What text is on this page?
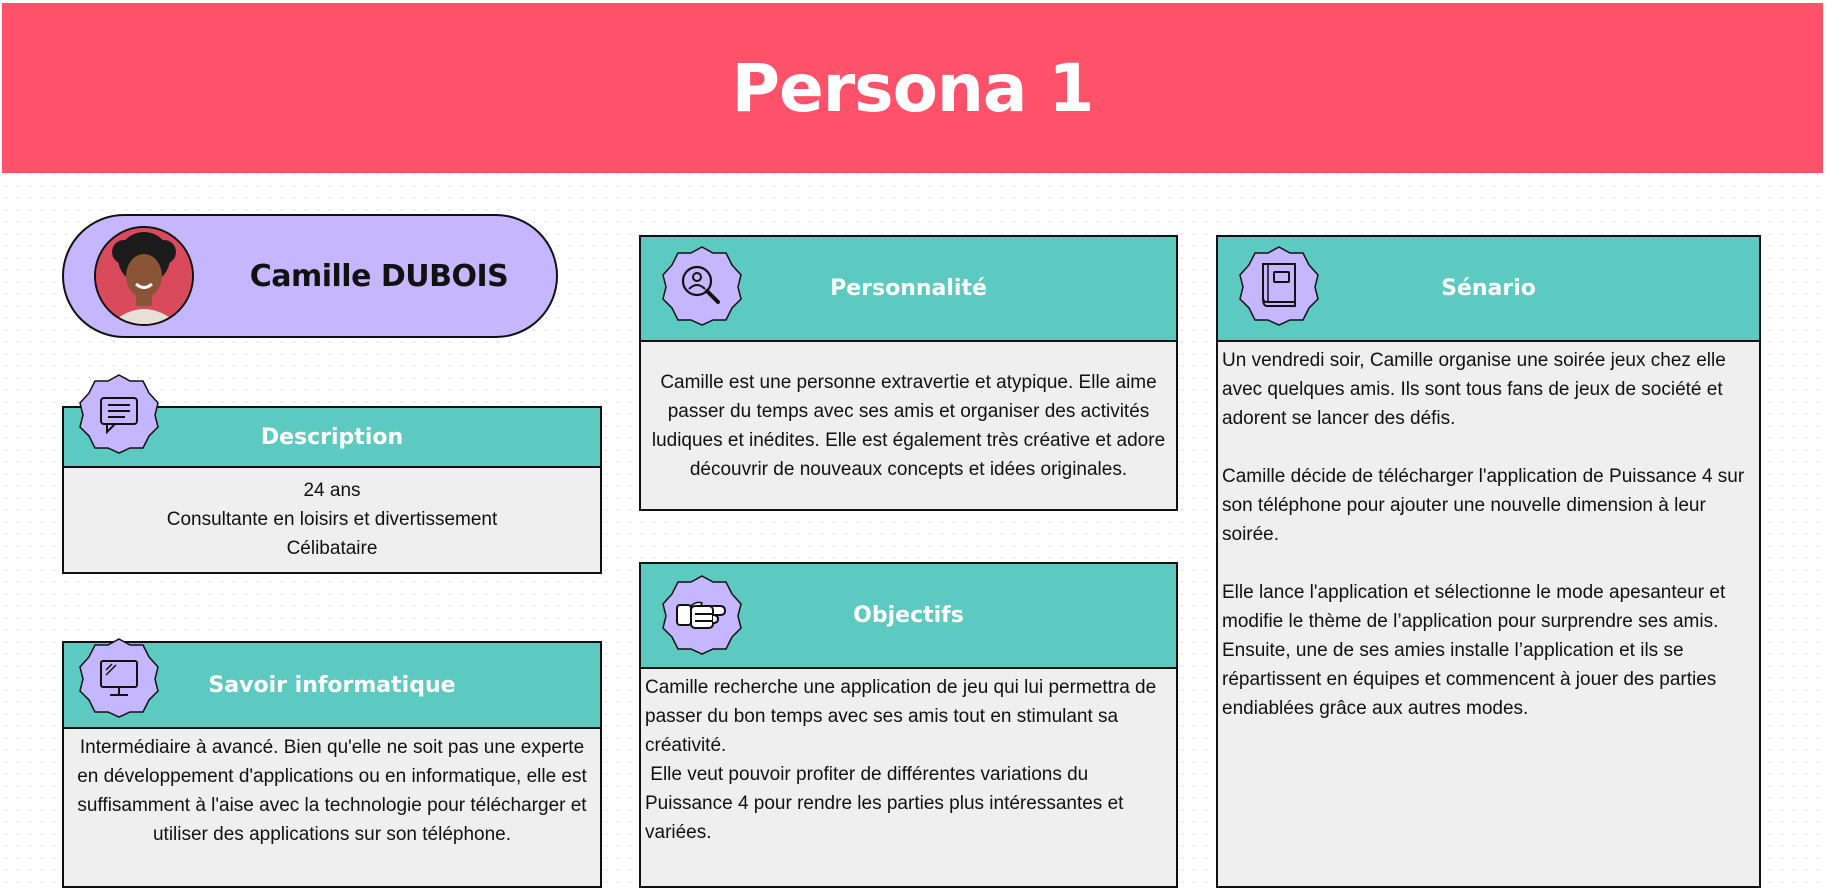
Persona 1
Camille DUBOIS
Description
24 ans
Consultante en loisirs et divertissement
Célibataire
Savoir informatique
Intermédiaire à avancé. Bien qu'elle ne soit pas une experte en développement d'applications ou en informatique, elle est suffisamment à l'aise avec la technologie pour télécharger et utiliser des applications sur son téléphone.
Personnalité
Camille est une personne extravertie et atypique. Elle aime passer du temps avec ses amis et organiser des activités ludiques et inédites. Elle est également très créative et adore découvrir de nouveaux concepts et idées originales.
Objectifs
Camille recherche une application de jeu qui lui permettra de passer du bon temps avec ses amis tout en stimulant sa créativité.
Elle veut pouvoir profiter de différentes variations du Puissance 4 pour rendre les parties plus intéressantes et variées.
Sénario
Un vendredi soir, Camille organise une soirée jeux chez elle avec quelques amis. Ils sont tous fans de jeux de société et adorent se lancer des défis.
Camille décide de télécharger l'application de Puissance 4 sur son téléphone pour ajouter une nouvelle dimension à leur soirée.
Elle lance l'application et sélectionne le mode apesanteur et modifie le thème de l’application pour surprendre ses amis. Ensuite, une de ses amies installe l’application et ils se répartissent en équipes et commencent à jouer des parties endiablées grâce aux autres modes.
